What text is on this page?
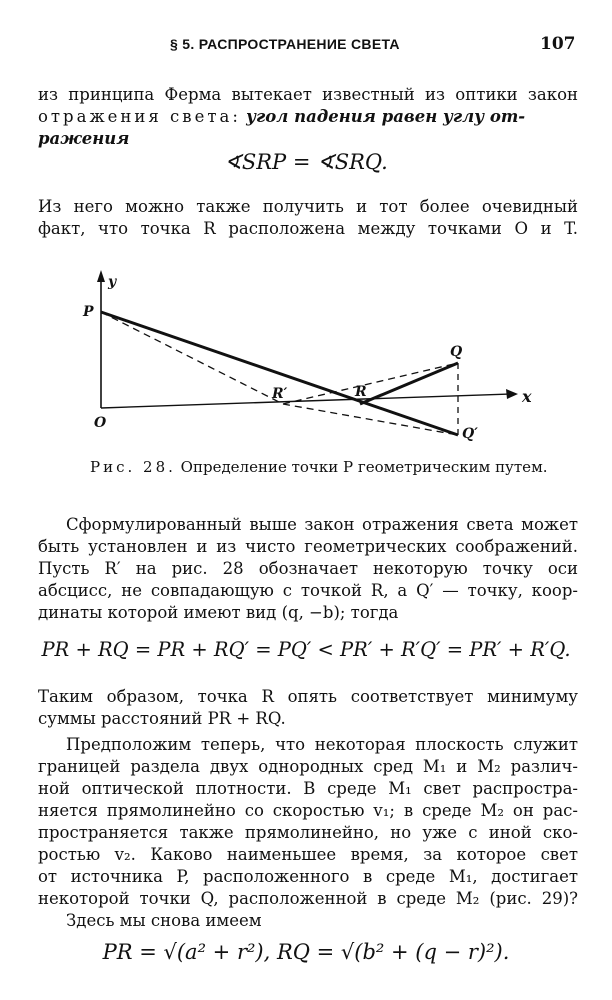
§ 5. РАСПРОСТРАНЕНИЕ СВЕТА	107
из принципа Ферма вытекает известный из оптики закон
отражения света: угол падения равен углу от-
ражения
∢SRP = ∢SRQ.
Из него можно также получить и тот более очевидный
факт, что точка R расположена между точками O и T.
y
x
P
O
Q
Q′
R
R′
Рис. 28. Определение точки P геометрическим путем.
Сформулированный выше закон отражения света может
быть установлен и из чисто геометрических соображений.
Пусть R′ на рис. 28 обозначает некоторую точку оси
абсцисс, не совпадающую с точкой R, а Q′ — точку, коор-
динаты которой имеют вид (q, −b); тогда
PR + RQ = PR + RQ′ = PQ′ < PR′ + R′Q′ = PR′ + R′Q.
Таким образом, точка R опять соответствует минимуму
суммы расстояний PR + RQ.
Предположим теперь, что некоторая плоскость служит
границей раздела двух однородных сред M₁ и M₂ различ-
ной оптической плотности. В среде M₁ свет распростра-
няется прямолинейно со скоростью v₁; в среде M₂ он рас-
пространяется также прямолинейно, но уже с иной ско-
ростью v₂. Каково наименьшее время, за которое свет
от источника P, расположенного в среде M₁, достигает
некоторой точки Q, расположенной в среде M₂ (рис. 29)?
Здесь мы снова имеем
PR = √(a² + r²), RQ = √(b² + (q − r)²).
